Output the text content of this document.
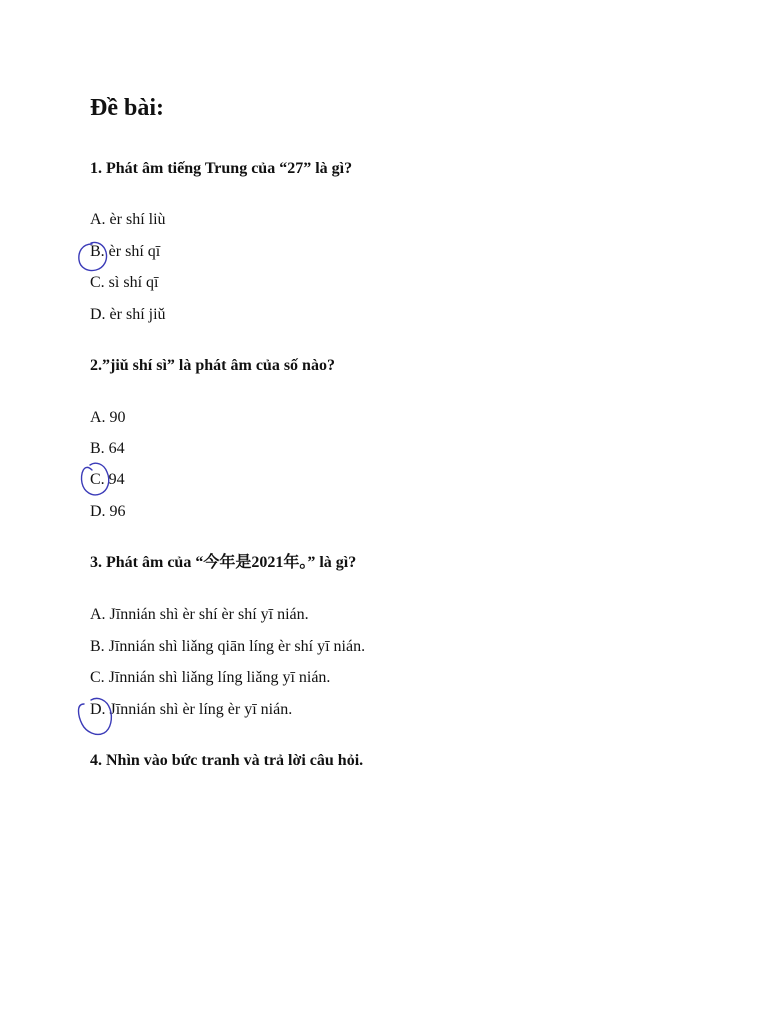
Đề bài:

1. Phát âm tiếng Trung của “27” là gì?

A. èr shí liù

B. èr shí qī

C. sì shí qī

D. èr shí jiǔ

2.”jiǔ shí sì” là phát âm của số nào?

A. 90

B. 64

C. 94

D. 96

3. Phát âm của “今年是2021年。” là gì?

A. Jīnnián shì èr shí èr shí yī nián.

B. Jīnnián shì liǎng qiān líng èr shí yī nián.

C. Jīnnián shì liǎng líng liǎng yī nián.

D. Jīnnián shì èr líng èr yī nián.

4. Nhìn vào bức tranh và trả lời câu hỏi.
